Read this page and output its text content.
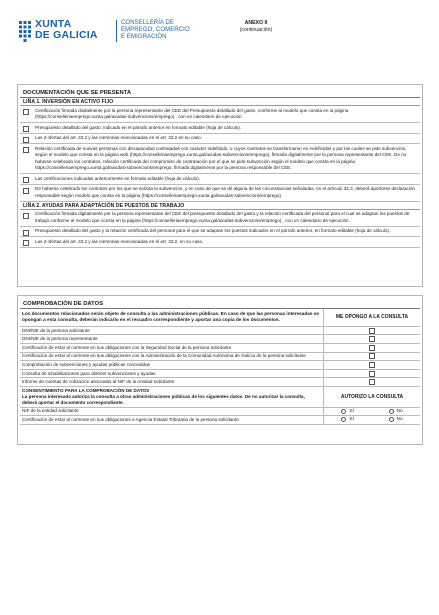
XUNTA
DE GALICIA
CONSELLERÍA DE
EMPREGO, COMERCIO
E EMIGRACIÓN
ANEXO II
(continuación)
DOCUMENTACIÓN QUE SE PRESENTA
LIÑA 1. INVERSIÓN EN ACTIVO FIJO
Certificación firmada dixitalmente por la persona representante del CEE del Presupuesto detallado del gasto, conforme al modelo que consta en la página (https://conselleriaemprego.xunta.gal/axudas-subvencions/emprego) , con un calendario de ejecución.
Presupuesto detallado del gasto, indicado en el párrafo anterior en formato editable (hoja de cálculo).
Las 3 ofertas del art. 33.2 y las memorias mencionadas en el art. 33.2 en su caso.
Relación certificada de nuevas personas con discapacidad contratadas con carácter indefinido, o cuyos contratos se transformaron en indefinidos y por las cuales se pide subvención, según el modelo que consta en la página web (https://conselleriaemprego.xunta.gal/axudas-subvencions/emprego), firmada digitalmente por la persona representante del CEE. De no haberse celebrado los contratos, relación certificada del compromiso de contratación por el que se pide subvención según el modelo que consta en la página https://conselleriaemprego.xunta.gal/axudas-subvencions/emprego, firmada digitalmente por la persona responsable del CEE.
Las certificaciones indicadas anteriormente en formato editable (hoja de cálculo).
De haberse celebrado los contratos por los que se solicita la subvención, y en caso de que se dé alguna de las circunstancias señaladas, en el artículo 32.3, deberá aportarse declaración responsable según modelo que consta en la página (https://conselleriaemprego.xunta.gal/axudas-subvencions/emprego)
LIÑA 2. AYUDAS PARA ADAPTACIÓN DE PUESTOS DE TRABAJO
Certificación firmada digitalmente por la persona representante del CEE del presupuesto detallado del gasto y la relación certificada del personal para el cual se adaptan los puestos de trabajo conforme al modelo que consta en la página (https://conselleriaemprego.xunta.gal/axudas-subvencions/emprego) , con un calendario de ejecución.
Presupuesto detallado del gasto y la relación certificada del personal para el que se adaptan los puestos indicados en el párrafo anterior, en formato editable (hoja de cálculo).
Las 3 ofertas del art. 33.2 y las memorias mencionadas en el art. 33.2, en su caso.
COMPROBACIÓN DE DATOS
Los documentos relacionados serán objeto de consulta a las administraciones públicas. En caso de que las personas interesadas se opongan a esta consulta, deberán indicarlo en el recuadro correspondiente y aportar una copia de los documentos.	ME OPONGO A LA CONSULTA
DNI/NIE de la persona solicitante
DNI/NIE de la persona representante
Certificación de estar al corriente en sus obligaciones con la Seguridad Social de la persona solicitante
Certificación de estar al corriente en sus obligaciones con la Administración de la Comunidad Autónoma de Galicia de la persona solicitante
Comprobación de subvenciones y ayudas públicas concedidas
Consulta de inhabilitaciones para obtener subvenciones y ayudas
Informe de cuentas de cotización asociadas al NIF de la entidad solicitante
CONSENTIMIENTO PARA LA COMPROBACIÓN DE DATOS
La persona interesada autoriza la consulta a otras administraciones públicas de los siguientes datos. De no autorizar la consulta, deberá aportar el documento correspondiente.
AUTORIZO LA CONSULTA
NIF de la entidad solicitante	SÍ	No
Certificación de estar al corriente en sus obligaciones a Agencia Estatal Tributaria de la persona solicitante	SÍ	No
